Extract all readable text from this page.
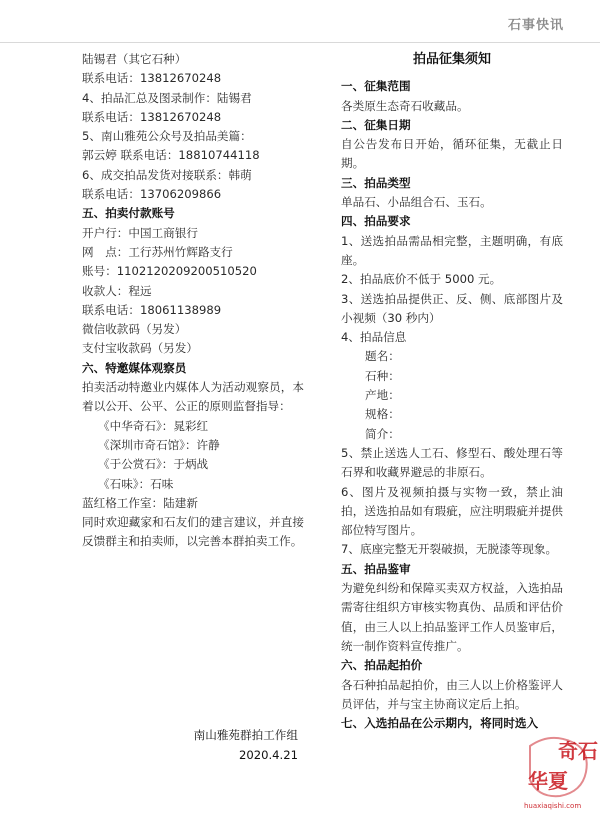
石事快讯
陆锡君（其它石种）
联系电话：13812670248
4、拍品汇总及图录制作：陆锡君
联系电话：13812670248
5、南山雅苑公众号及拍品美篇：
郭云婷 联系电话：18810744118
6、成交拍品发货对接联系：韩萌
联系电话：13706209866
五、拍卖付款账号
开户行：中国工商银行
网　点：工行苏州竹辉路支行
账号：1102120209200510520
收款人：程远
联系电话：18061138989
微信收款码（另发）
支付宝收款码（另发）
六、特邀媒体观察员
拍卖活动特邀业内媒体人为活动观察员，本着以公开、公平、公正的原则监督指导：
《中华奇石》：晁彩红
《深圳市奇石馆》：许静
《于公赏石》：于炳战
《石味》：石味
蓝红格工作室：陆建新
同时欢迎藏家和石友们的建言建议，并直接反馈群主和拍卖师，以完善本群拍卖工作。
拍品征集须知
一、征集范围
各类原生态奇石收藏品。
二、征集日期
自公告发布日开始，循环征集，无截止日期。
三、拍品类型
单品石、小品组合石、玉石。
四、拍品要求
1、送选拍品需品相完整，主题明确，有底座。
2、拍品底价不低于 5000 元。
3、送选拍品提供正、反、侧、底部图片及小视频（30 秒内）
4、拍品信息
题名：
石种：
产地：
规格：
简介：
5、禁止送选人工石、修型石、酸处理石等石界和收藏界避忌的非原石。
6、图片及视频拍摄与实物一致，禁止油拍，送选拍品如有瑕疵，应注明瑕疵并提供部位特写图片。
7、底座完整无开裂破损，无脱漆等现象。
五、拍品鉴审
为避免纠纷和保障买卖双方权益，入选拍品需寄往组织方审核实物真伪、品质和评估价值，由三人以上拍品鉴评工作人员鉴审后，统一制作资料宣传推广。
六、拍品起拍价
各石种拍品起拍价，由三人以上价格鉴评人员评估，并与宝主协商议定后上拍。
七、入选拍品在公示期内，将同时选入
南山雅苑群拍工作组
2020.4.21	奇石
华夏
huaxiaqishi.com
